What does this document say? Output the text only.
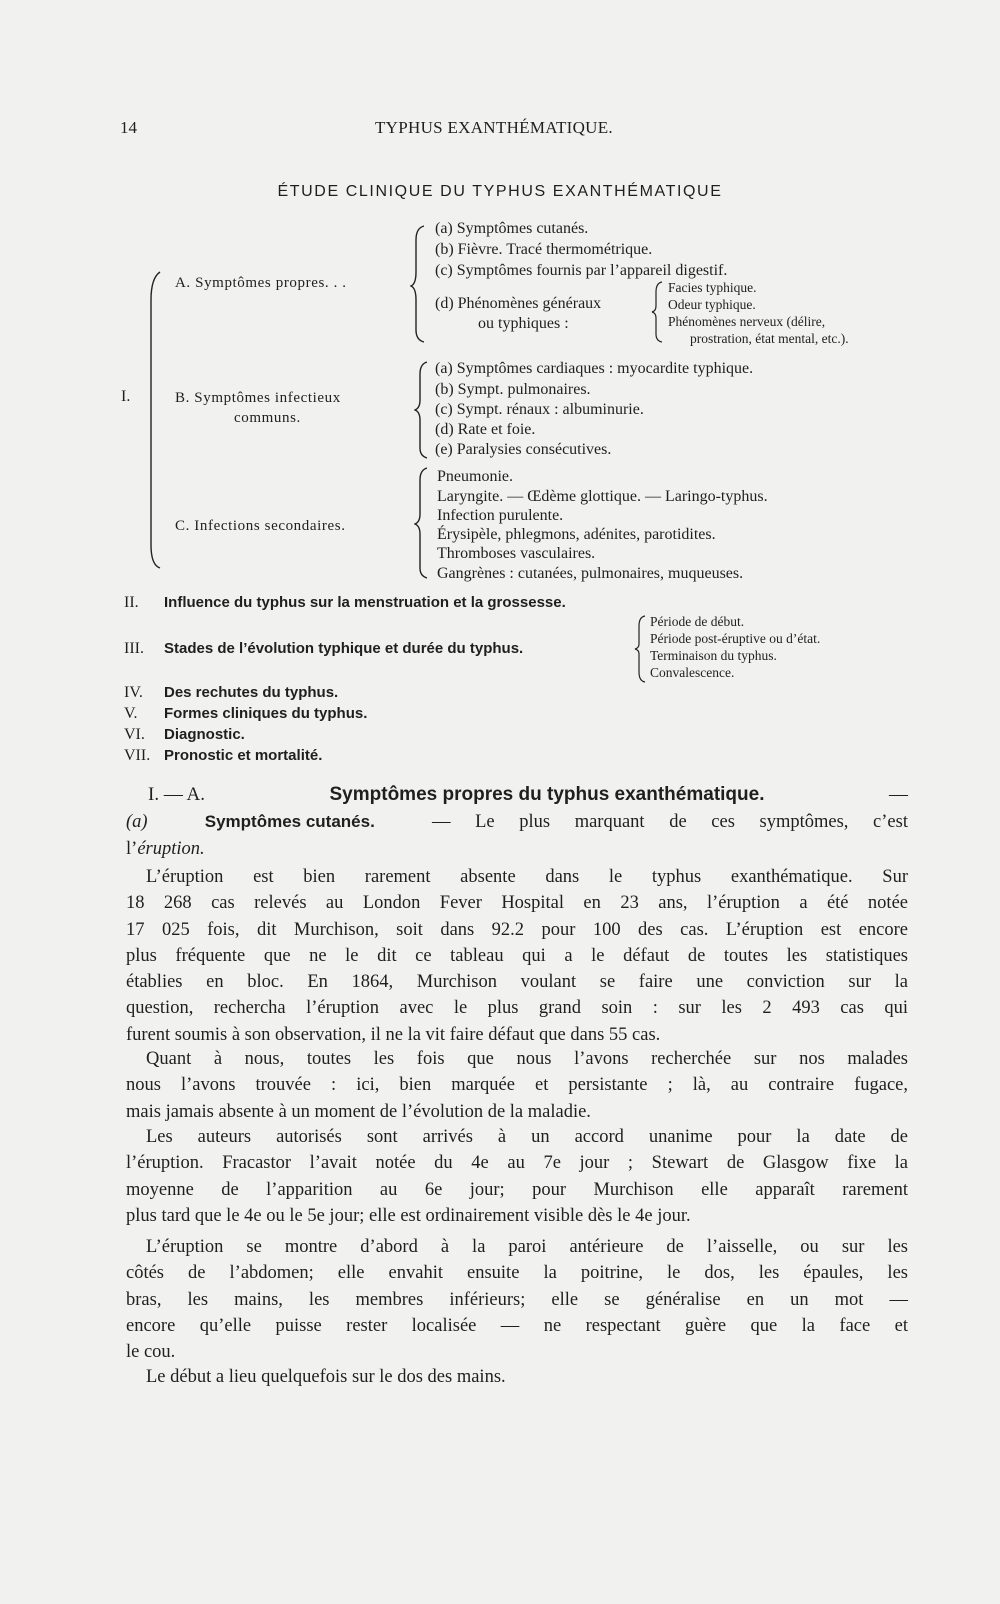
14	TYPHUS EXANTHÉMATIQUE.
ÉTUDE CLINIQUE DU TYPHUS EXANTHÉMATIQUE
I.
A. Symptômes propres. . .
(a) Symptômes cutanés.
(b) Fièvre. Tracé thermométrique.
(c) Symptômes fournis par l’appareil digestif.
(d) Phénomènes généraux
ou typhiques :
Facies typhique.
Odeur typhique.
Phénomènes nerveux (délire,
prostration, état mental, etc.).
B. Symptômes infectieux
communs.
(a) Symptômes cardiaques : myocardite typhique.
(b) Sympt. pulmonaires.
(c) Sympt. rénaux : albuminurie.
(d) Rate et foie.
(e) Paralysies consécutives.
C. Infections secondaires.
Pneumonie.
Laryngite. — Œdème glottique. — Laringo-typhus.
Infection purulente.
Érysipèle, phlegmons, adénites, parotidites.
Thromboses vasculaires.
Gangrènes : cutanées, pulmonaires, muqueuses.
II. Influence du typhus sur la menstruation et la grossesse.
III. Stades de l’évolution typhique et durée du typhus.
Période de début.
Période post-éruptive ou d’état.
Terminaison du typhus.
Convalescence.
IV. Des rechutes du typhus.
V. Formes cliniques du typhus.
VI. Diagnostic.
VII. Pronostic et mortalité.
I. — A.	Symptômes propres du typhus exanthématique.	—
(a)	Symptômes cutanés.	— Le plus marquant de ces symptômes, c’est
l’éruption.
L’éruption est bien rarement absente dans le typhus exanthématique. Sur
18 268 cas relevés au London Fever Hospital en 23 ans, l’éruption a été notée
17 025 fois, dit Murchison, soit dans 92.2 pour 100 des cas. L’éruption est encore
plus fréquente que ne le dit ce tableau qui a le défaut de toutes les statistiques
établies en bloc. En 1864, Murchison voulant se faire une conviction sur la
question, rechercha l’éruption avec le plus grand soin : sur les 2 493 cas qui
furent soumis à son observation, il ne la vit faire défaut que dans 55 cas.
Quant à nous, toutes les fois que nous l’avons recherchée sur nos malades
nous l’avons trouvée : ici, bien marquée et persistante ; là, au contraire fugace,
mais jamais absente à un moment de l’évolution de la maladie.
Les auteurs autorisés sont arrivés à un accord unanime pour la date de
l’éruption. Fracastor l’avait notée du 4e au 7e jour ; Stewart de Glasgow fixe la
moyenne de l’apparition au 6e jour; pour Murchison elle apparaît rarement
plus tard que le 4e ou le 5e jour; elle est ordinairement visible dès le 4e jour.
L’éruption se montre d’abord à la paroi antérieure de l’aisselle, ou sur les
côtés de l’abdomen; elle envahit ensuite la poitrine, le dos, les épaules, les
bras, les mains, les membres inférieurs; elle se généralise en un mot —
encore qu’elle puisse rester localisée — ne respectant guère que la face et
le cou.
Le début a lieu quelquefois sur le dos des mains.
